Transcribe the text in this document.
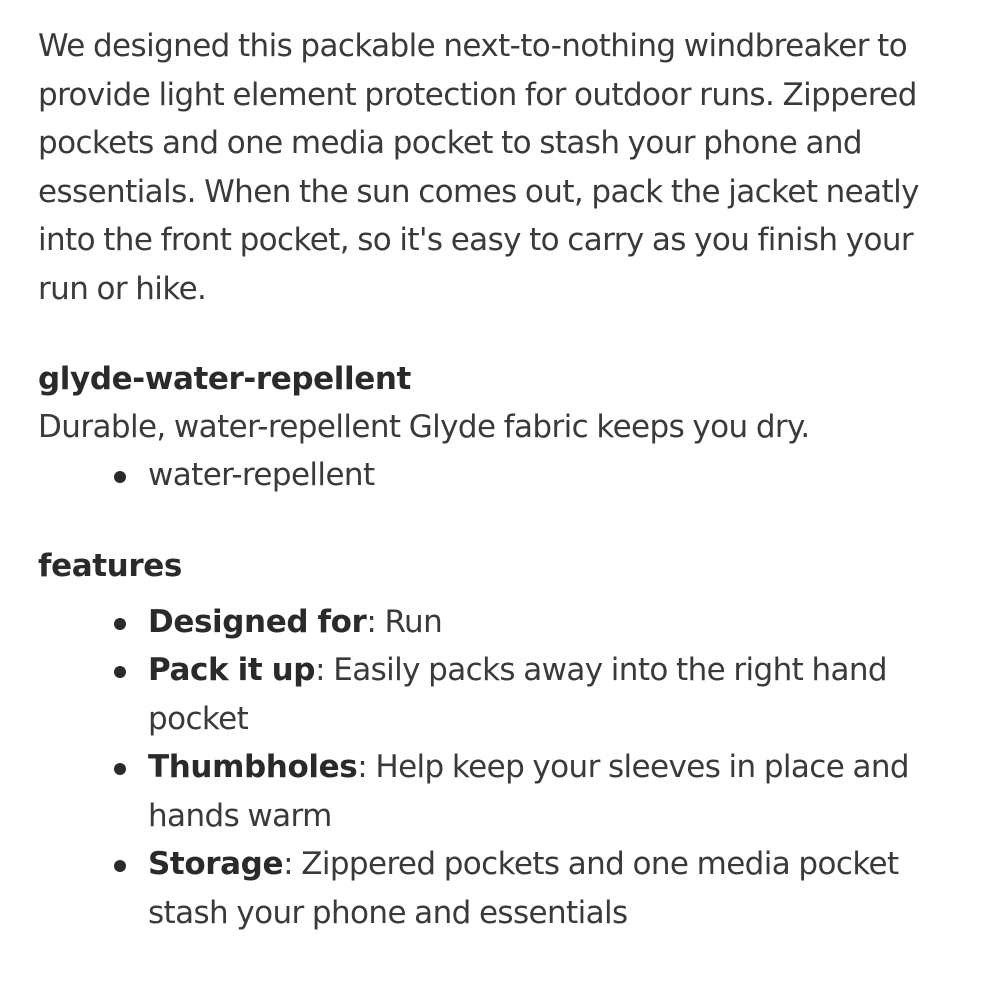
We designed this packable next-to-nothing windbreaker to provide light element protection for outdoor runs. Zippered pockets and one media pocket to stash your phone and essentials. When the sun comes out, pack the jacket neatly into the front pocket, so it's easy to carry as you finish your run or hike.

glyde-water-repellent

Durable, water-repellent Glyde fabric keeps you dry.

water-repellent
features
Designed for: Run
Pack it up: Easily packs away into the right hand pocket
Thumbholes: Help keep your sleeves in place and hands warm
Storage: Zippered pockets and one media pocket stash your phone and essentials
